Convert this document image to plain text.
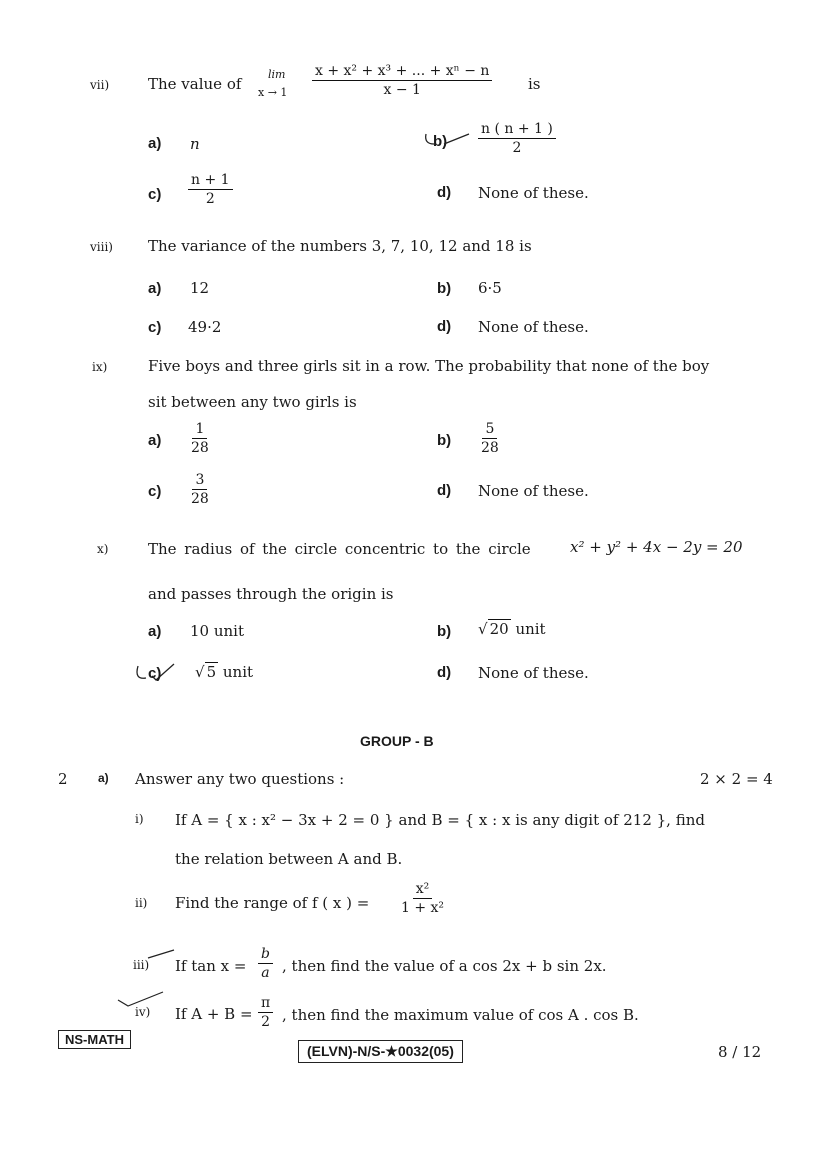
vii)	The value of
lim
$x \to 1 \frac{\text{x + x² + x³ + ... + xⁿ − n}}{x - 1}$ is
a) n	$b) \frac{n ( n + 1 )}{2}$
$c) \frac{n + 1}{2}$	d) None of these.
viii) The variance of the numbers 3, 7, 10, 12 and 18 is
a) 12	b) 6·5
c) 49·2	d) None of these.
ix)	Five boys and three girls sit in a row. The probability that none of the boy
sit between any two girls is
$a) \frac{1}{28}$	$b) \frac{5}{28}$
$c) \frac{3}{28}$	d) None of these.
x)	The radius of the circle concentric to the circle	x² + y² + 4x − 2y = 20
and passes through the origin is
a) 10 unit	b) √ 20 unit
c) √ 5 unit	d) None of these.
GROUP - B
2	a) Answer any two questions :	2 × 2 = 4
i) If A = { x : x² − 3x + 2 = 0 } and B = { x : x is any digit of 212 }, find
the relation between A and B.
ii) Find the range of f ( x ) = $\frac{\text{x²}}{\text{1 + x²}}$
iii) If $\tan x = \frac{b}{a}$ , then find the value of a cos 2x + b sin 2x.
iv) If $A + B = \frac{\pi}{2}$ , then find the maximum value of cos A . cos B.
NS-MATH
(ELVN)-N/S-★0032(05)	8 / 12
